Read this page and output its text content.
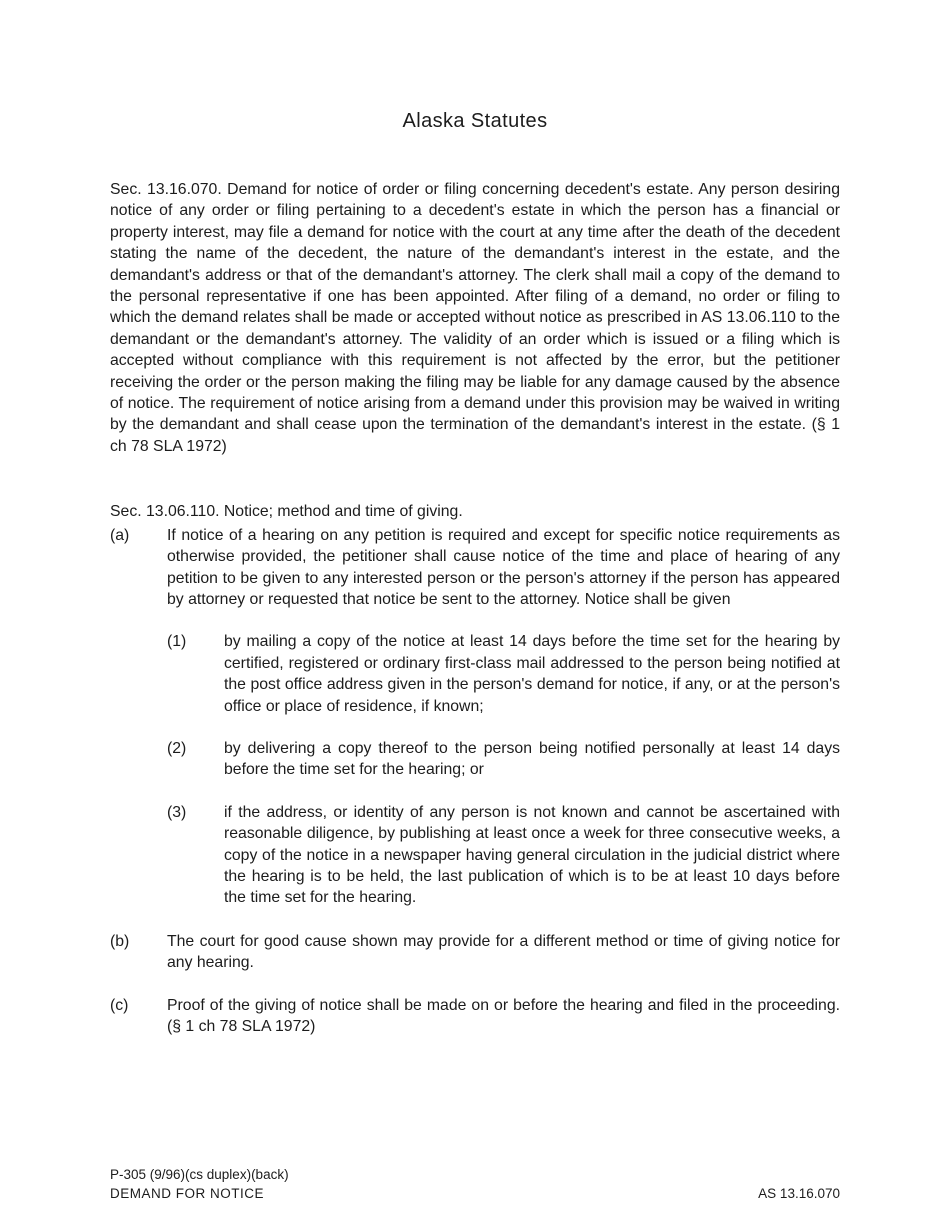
Alaska Statutes

Sec. 13.16.070. Demand for notice of order or filing concerning decedent's estate. Any person desiring notice of any order or filing pertaining to a decedent's estate in which the person has a financial or property interest, may file a demand for notice with the court at any time after the death of the decedent stating the name of the decedent, the nature of the demandant's interest in the estate, and the demandant's address or that of the demandant's attorney. The clerk shall mail a copy of the demand to the personal representative if one has been appointed. After filing of a demand, no order or filing to which the demand relates shall be made or accepted without notice as prescribed in AS 13.06.110 to the demandant or the demandant's attorney. The validity of an order which is issued or a filing which is accepted without compliance with this requirement is not affected by the error, but the petitioner receiving the order or the person making the filing may be liable for any damage caused by the absence of notice. The requirement of notice arising from a demand under this provision may be waived in writing by the demandant and shall cease upon the termination of the demandant's interest in the estate. (§ 1 ch 78 SLA 1972)

Sec. 13.06.110. Notice; method and time of giving.
(a)	If notice of a hearing on any petition is required and except for specific notice requirements as otherwise provided, the petitioner shall cause notice of the time and place of hearing of any petition to be given to any interested person or the person's attorney if the person has appeared by attorney or requested that notice be sent to the attorney. Notice shall be given
(1)	by mailing a copy of the notice at least 14 days before the time set for the hearing by certified, registered or ordinary first-class mail addressed to the person being notified at the post office address given in the person's demand for notice, if any, or at the person's office or place of residence, if known;
(2)	by delivering a copy thereof to the person being notified personally at least 14 days before the time set for the hearing; or
(3)	if the address, or identity of any person is not known and cannot be ascertained with reasonable diligence, by publishing at least once a week for three consecutive weeks, a copy of the notice in a newspaper having general circulation in the judicial district where the hearing is to be held, the last publication of which is to be at least 10 days before the time set for the hearing.
(b)	The court for good cause shown may provide for a different method or time of giving notice for any hearing.
(c)	Proof of the giving of notice shall be made on or before the hearing and filed in the proceeding. (§ 1 ch 78 SLA 1972)
P-305 (9/96)(cs duplex)(back)
DEMAND FOR NOTICE	AS 13.16.070
